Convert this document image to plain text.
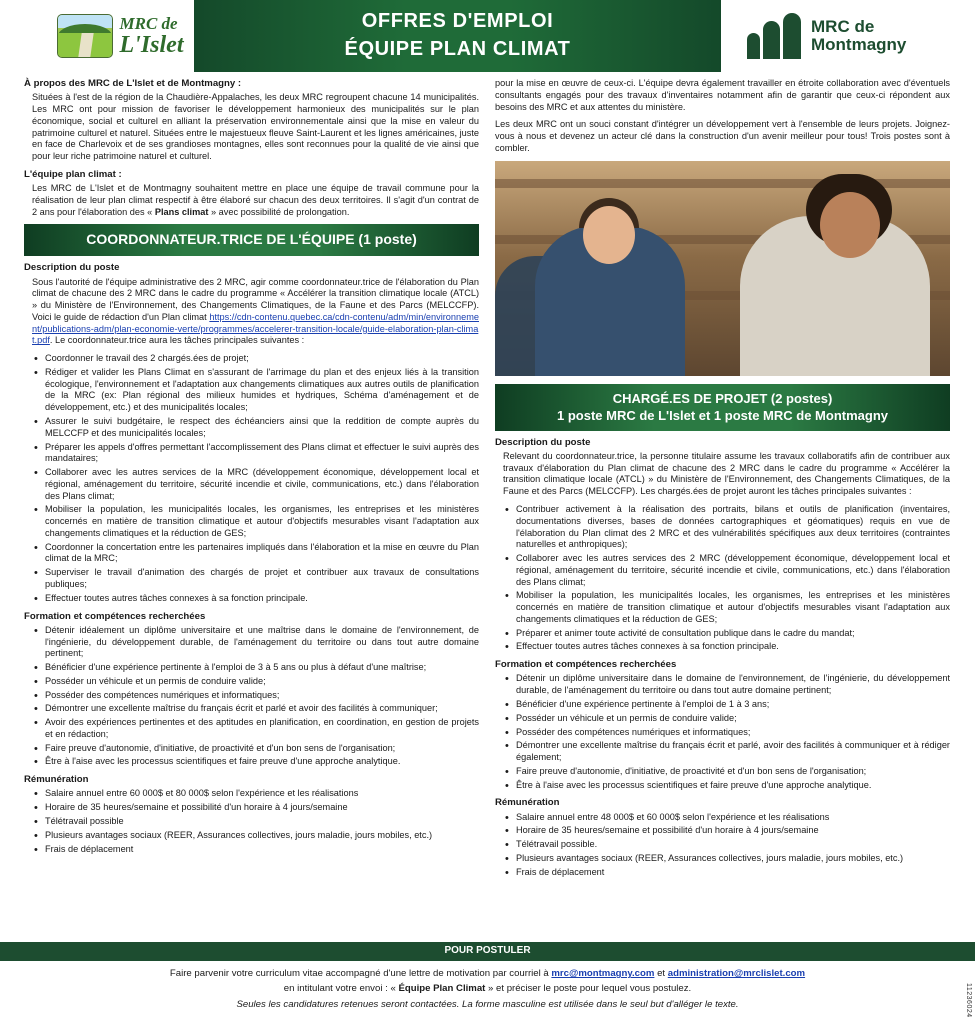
MRC de
L'Islet
OFFRES D'EMPLOI
ÉQUIPE PLAN CLIMAT
MRC de
Montmagny
À propos des MRC de L'Islet et de Montmagny :

Situées à l'est de la région de la Chaudière-Appalaches, les deux MRC regroupent chacune 14 municipalités. Les MRC ont pour mission de favoriser le développement harmonieux des municipalités sur le plan économique, social et culturel en alliant la préservation environnementale ainsi que la mise en valeur du patrimoine culturel et naturel. Situées entre le majestueux fleuve Saint-Laurent et les lignes américaines, juste en face de Charlevoix et de ses grandioses montagnes, elles sont reconnues pour la qualité de vie ainsi que pour leur riche patrimoine naturel et culturel.

L'équipe plan climat :

Les MRC de L'Islet et de Montmagny souhaitent mettre en place une équipe de travail commune pour la réalisation de leur plan climat respectif à être élaboré sur chacun des deux territoires. Il s'agit d'un contrat de 2 ans pour l'élaboration des « Plans climat » avec possibilité de prolongation.

COORDONNATEUR.TRICE DE L'ÉQUIPE (1 poste)
Description du poste

Sous l'autorité de l'équipe administrative des 2 MRC, agir comme coordonnateur.trice de l'élaboration du Plan climat de chacune des 2 MRC dans le cadre du programme « Accélérer la transition climatique locale (ATCL) » du Ministère de l'Environnement, des Changements Climatiques, de la Faune et des Parcs (MELCCFP). Voici le guide de rédaction d'un Plan climat https://cdn-contenu.quebec.ca/cdn-contenu/adm/min/environnement/publications-adm/plan-economie-verte/programmes/accelerer-transition-locale/guide-elaboration-plan-climat.pdf. Le coordonnateur.trice aura les tâches principales suivantes :

• Coordonner le travail des 2 chargés.ées de projet;
• Rédiger et valider les Plans Climat en s'assurant de l'arrimage du plan et des enjeux liés à la transition écologique, l'environnement et l'adaptation aux changements climatiques aux autres outils de planification de la MRC (ex: Plan régional des milieux humides et hydriques, Schéma d'aménagement et de développement, etc.) et des municipalités locales;
• Assurer le suivi budgétaire, le respect des échéanciers ainsi que la reddition de compte auprès du MELCCFP et des municipalités locales;
• Préparer les appels d'offres permettant l'accomplissement des Plans climat et effectuer le suivi auprès des mandataires;
• Collaborer avec les autres services de la MRC (développement économique, développement local et régional, aménagement du territoire, sécurité incendie et civile, communications, etc.) dans l'élaboration des Plans climat;
• Mobiliser la population, les municipalités locales, les organismes, les entreprises et les ministères concernés en matière de transition climatique et autour d'objectifs mesurables visant l'adaptation aux changements climatiques et la réduction de GES;
• Coordonner la concertation entre les partenaires impliqués dans l'élaboration et la mise en œuvre du Plan climat de la MRC;
• Superviser le travail d'animation des chargés de projet et contribuer aux travaux de consultations publiques;
• Effectuer toutes autres tâches connexes à sa fonction principale.
Formation et compétences recherchées
• Détenir idéalement un diplôme universitaire et une maîtrise dans le domaine de l'environnement, de l'ingénierie, du développement durable, de l'aménagement du territoire ou dans tout autre domaine pertinent;
• Bénéficier d'une expérience pertinente à l'emploi de 3 à 5 ans ou plus à défaut d'une maîtrise;
• Posséder un véhicule et un permis de conduire valide;
• Posséder des compétences numériques et informatiques;
• Démontrer une excellente maîtrise du français écrit et parlé et avoir des facilités à communiquer;
• Avoir des expériences pertinentes et des aptitudes en planification, en coordination, en gestion de projets et en rédaction;
• Faire preuve d'autonomie, d'initiative, de proactivité et d'un bon sens de l'organisation;
• Être à l'aise avec les processus scientifiques et faire preuve d'une approche analytique.
Rémunération
• Salaire annuel entre 60 000$ et 80 000$ selon l'expérience et les réalisations
• Horaire de 35 heures/semaine et possibilité d'un horaire à 4 jours/semaine
• Télétravail possible
• Plusieurs avantages sociaux (REER, Assurances collectives, jours maladie, jours mobiles, etc.)
• Frais de déplacement

pour la mise en œuvre de ceux-ci. L'équipe devra également travailler en étroite collaboration avec d'éventuels consultants engagés pour des travaux d'inventaires notamment afin de garantir que ceux-ci répondent aux besoins des MRC et aux attentes du ministère.

Les deux MRC ont un souci constant d'intégrer un développement vert à l'ensemble de leurs projets. Joignez-vous à nous et devenez un acteur clé dans la construction d'un avenir meilleur pour tous! Trois postes sont à combler.

CHARGÉ.ES DE PROJET (2 postes)
1 poste MRC de L'Islet et 1 poste MRC de Montmagny
Description du poste

Relevant du coordonnateur.trice, la personne titulaire assume les travaux collaboratifs afin de contribuer aux travaux d'élaboration du Plan climat de chacune des 2 MRC dans le cadre du programme « Accélérer la transition climatique locale (ATCL) » du Ministère de l'Environnement, des Changements Climatiques, de la Faune et des Parcs (MELCCFP). Les chargés.ées de projet auront les tâches principales suivantes :

• Contribuer activement à la réalisation des portraits, bilans et outils de planification (inventaires, documentations diverses, bases de données cartographiques et géomatiques) requis en vue de l'élaboration du Plan climat des 2 MRC et des vulnérabilités spécifiques aux deux territoires (contraintes naturelles et anthropiques);
• Collaborer avec les autres services des 2 MRC (développement économique, développement local et régional, aménagement du territoire, sécurité incendie et civile, communications, etc.) dans l'élaboration des Plans climat;
• Mobiliser la population, les municipalités locales, les organismes, les entreprises et les ministères concernés en matière de transition climatique et autour d'objectifs mesurables visant l'adaptation aux changements climatiques et la réduction de GES;
• Préparer et animer toute activité de consultation publique dans le cadre du mandat;
• Effectuer toutes autres tâches connexes à sa fonction principale.
Formation et compétences recherchées
• Détenir un diplôme universitaire dans le domaine de l'environnement, de l'ingénierie, du développement durable, de l'aménagement du territoire ou dans tout autre domaine pertinent;
• Bénéficier d'une expérience pertinente à l'emploi de 1 à 3 ans;
• Posséder un véhicule et un permis de conduire valide;
• Posséder des compétences numériques et informatiques;
• Démontrer une excellente maîtrise du français écrit et parlé, avoir des facilités à communiquer et à rédiger également;
• Faire preuve d'autonomie, d'initiative, de proactivité et d'un bon sens de l'organisation;
• Être à l'aise avec les processus scientifiques et faire preuve d'une approche analytique.
Rémunération
• Salaire annuel entre 48 000$ et 60 000$ selon l'expérience et les réalisations
• Horaire de 35 heures/semaine et possibilité d'un horaire à 4 jours/semaine
• Télétravail possible.
• Plusieurs avantages sociaux (REER, Assurances collectives, jours maladie, jours mobiles, etc.)
• Frais de déplacement
POUR POSTULER
Faire parvenir votre curriculum vitae accompagné d'une lettre de motivation par courriel à mrc@montmagny.com et administration@mrclislet.com
en intitulant votre envoi : « Équipe Plan Climat » et préciser le poste pour lequel vous postulez.
Seules les candidatures retenues seront contactées. La forme masculine est utilisée dans le seul but d'alléger le texte.	11236024
